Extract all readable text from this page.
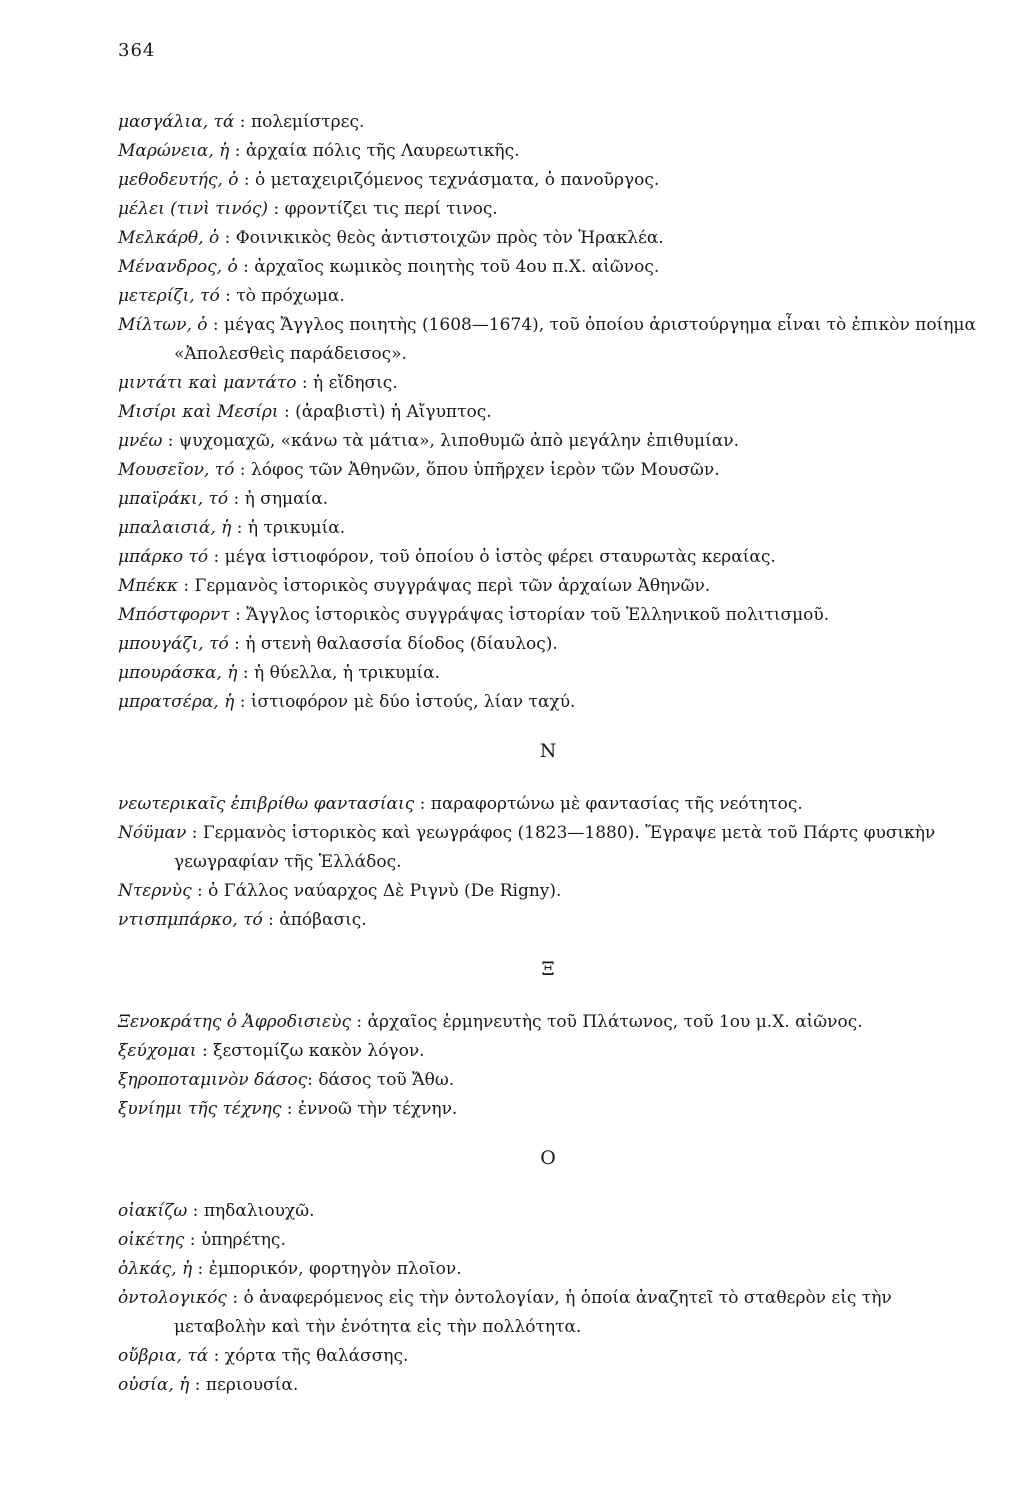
364

μασγάλια, τά : πολεμίστρες.

Μαρώνεια, ἡ : ἀρχαία πόλις τῆς Λαυρεωτικῆς.

μεθοδευτής, ὁ : ὁ μεταχειριζόμενος τεχνάσματα, ὁ πανοῦργος.

μέλει (τινὶ τινός) : φροντίζει τις περί τινος.

Μελκάρθ, ὁ : Φοινικικὸς θεὸς ἀντιστοιχῶν πρὸς τὸν Ἡρακλέα.

Μένανδρος, ὁ : ἀρχαῖος κωμικὸς ποιητὴς τοῦ 4ου π.Χ. αἰῶνος.

μετερίζι, τό : τὸ πρόχωμα.

Μίλτων, ὁ : μέγας Ἄγγλος ποιητὴς (1608—1674), τοῦ ὁποίου ἀριστούργημα εἶναι τὸ ἐπικὸν ποίημα «Ἀπολεσθεὶς παράδεισος».

μιντάτι καὶ μαντάτο : ἡ εἴδησις.

Μισίρι καὶ Μεσίρι : (ἀραβιστὶ) ἡ Αἴγυπτος.

μνέω : ψυχομαχῶ, «κάνω τὰ μάτια», λιποθυμῶ ἀπὸ μεγάλην ἐπιθυμίαν.

Μουσεῖον, τό : λόφος τῶν Ἀθηνῶν, ὅπου ὑπῆρχεν ἱερὸν τῶν Μουσῶν.

μπαϊράκι, τό : ἡ σημαία.

μπαλαισιά, ἡ : ἡ τρικυμία.

μπάρκο τό : μέγα ἱστιοφόρον, τοῦ ὁποίου ὁ ἱστὸς φέρει σταυρωτὰς κεραίας.

Μπέκκ : Γερμανὸς ἱστορικὸς συγγράψας περὶ τῶν ἀρχαίων Ἀθηνῶν.

Μπόστφορντ : Ἄγγλος ἱστορικὸς συγγράψας ἱστορίαν τοῦ Ἑλληνικοῦ πολιτισμοῦ.

μπουγάζι, τό : ἡ στενὴ θαλασσία δίοδος (δίαυλος).

μπουράσκα, ἡ : ἡ θύελλα, ἡ τρικυμία.

μπρατσέρα, ἡ : ἱστιοφόρον μὲ δύο ἱστούς, λίαν ταχύ.

Ν

νεωτερικαῖς ἐπιβρίθω φαντασίαις : παραφορτώνω μὲ φαντασίας τῆς νεότητος.

Νόϋμαν : Γερμανὸς ἱστορικὸς καὶ γεωγράφος (1823—1880). Ἔγραψε μετὰ τοῦ Πάρτς φυσικὴν γεωγραφίαν τῆς Ἑλλάδος.

Ντερνὺς : ὁ Γάλλος ναύαρχος Δὲ Ριγνὺ (De Rigny).

ντισπμπάρκο, τό : ἀπόβασις.

Ξ

Ξενοκράτης ὁ Ἀφροδισιεὺς : ἀρχαῖος ἑρμηνευτὴς τοῦ Πλάτωνος, τοῦ 1ου μ.Χ. αἰῶνος.

ξεύχομαι : ξεστομίζω κακὸν λόγον.

ξηροποταμινὸν δάσος: δάσος τοῦ Ἄθω.

ξυνίημι τῆς τέχνης : ἐννοῶ τὴν τέχνην.

Ο

οἰακίζω : πηδαλιουχῶ.

οἰκέτης : ὑπηρέτης.

ὁλκάς, ἡ : ἐμπορικόν, φορτηγὸν πλοῖον.

ὀντολογικός : ὁ ἀναφερόμενος εἰς τὴν ὀντολογίαν, ἡ ὁποία ἀναζητεῖ τὸ σταθερὸν εἰς τὴν μεταβολὴν καὶ τὴν ἑνότητα εἰς τὴν πολλότητα.

οὔβρια, τά : χόρτα τῆς θαλάσσης.

οὐσία, ἡ : περιουσία.
